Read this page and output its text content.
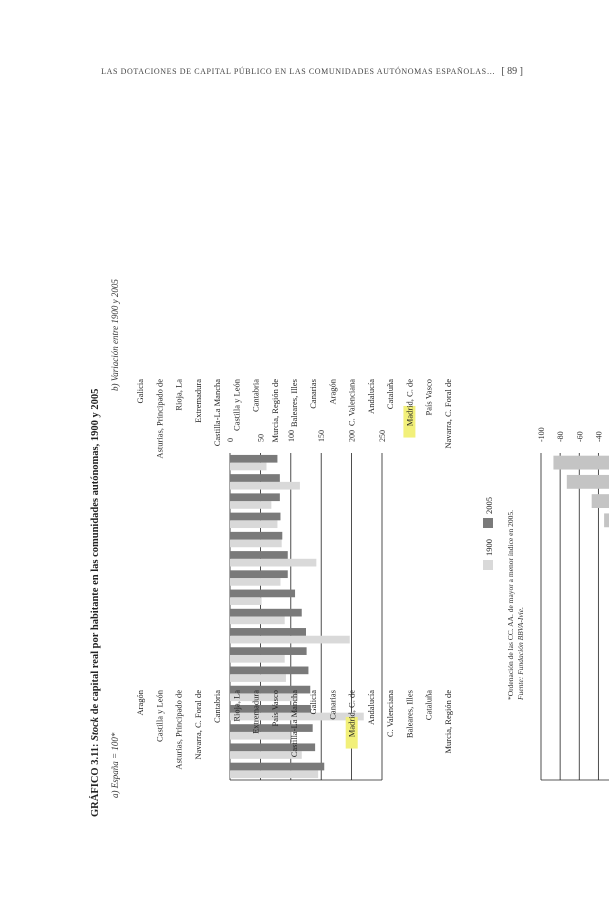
LAS DOTACIONES DE CAPITAL PÚBLICO EN LAS COMUNIDADES AUTÓNOMAS ESPAÑOLAS… [ 89 ]
GRÁFICO 3.11: Stock de capital real por habitante en las comunidades autónomas, 1900 y 2005
a) España = 100*
0	50	100	150	200	250
Aragón Castilla y León Asturias, Principado de Navarra, C. Foral de Cantabria Rioja, La Extremadura País Vasco Castilla-La Mancha Galicia Canarias Madrid, C. de Andalucía C. Valenciana Baleares, Illes Cataluña Murcia, Región de
1900
2005
b) Variación entre 1900 y 2005
-100 -80 -60 -40
Galicia Asturias, Principado de Rioja, La Extremadura Castilla-La Mancha Castilla y León Cantabria Murcia, Región de Baleares, Illes Canarias Aragón C. Valenciana Andalucía Cataluña Madrid, C. de País Vasco Navarra, C. Foral de
*Ordenación de las CC. AA. de mayor a menor índice en 2005. Fuente: Fundación BBVA-Ivie.
